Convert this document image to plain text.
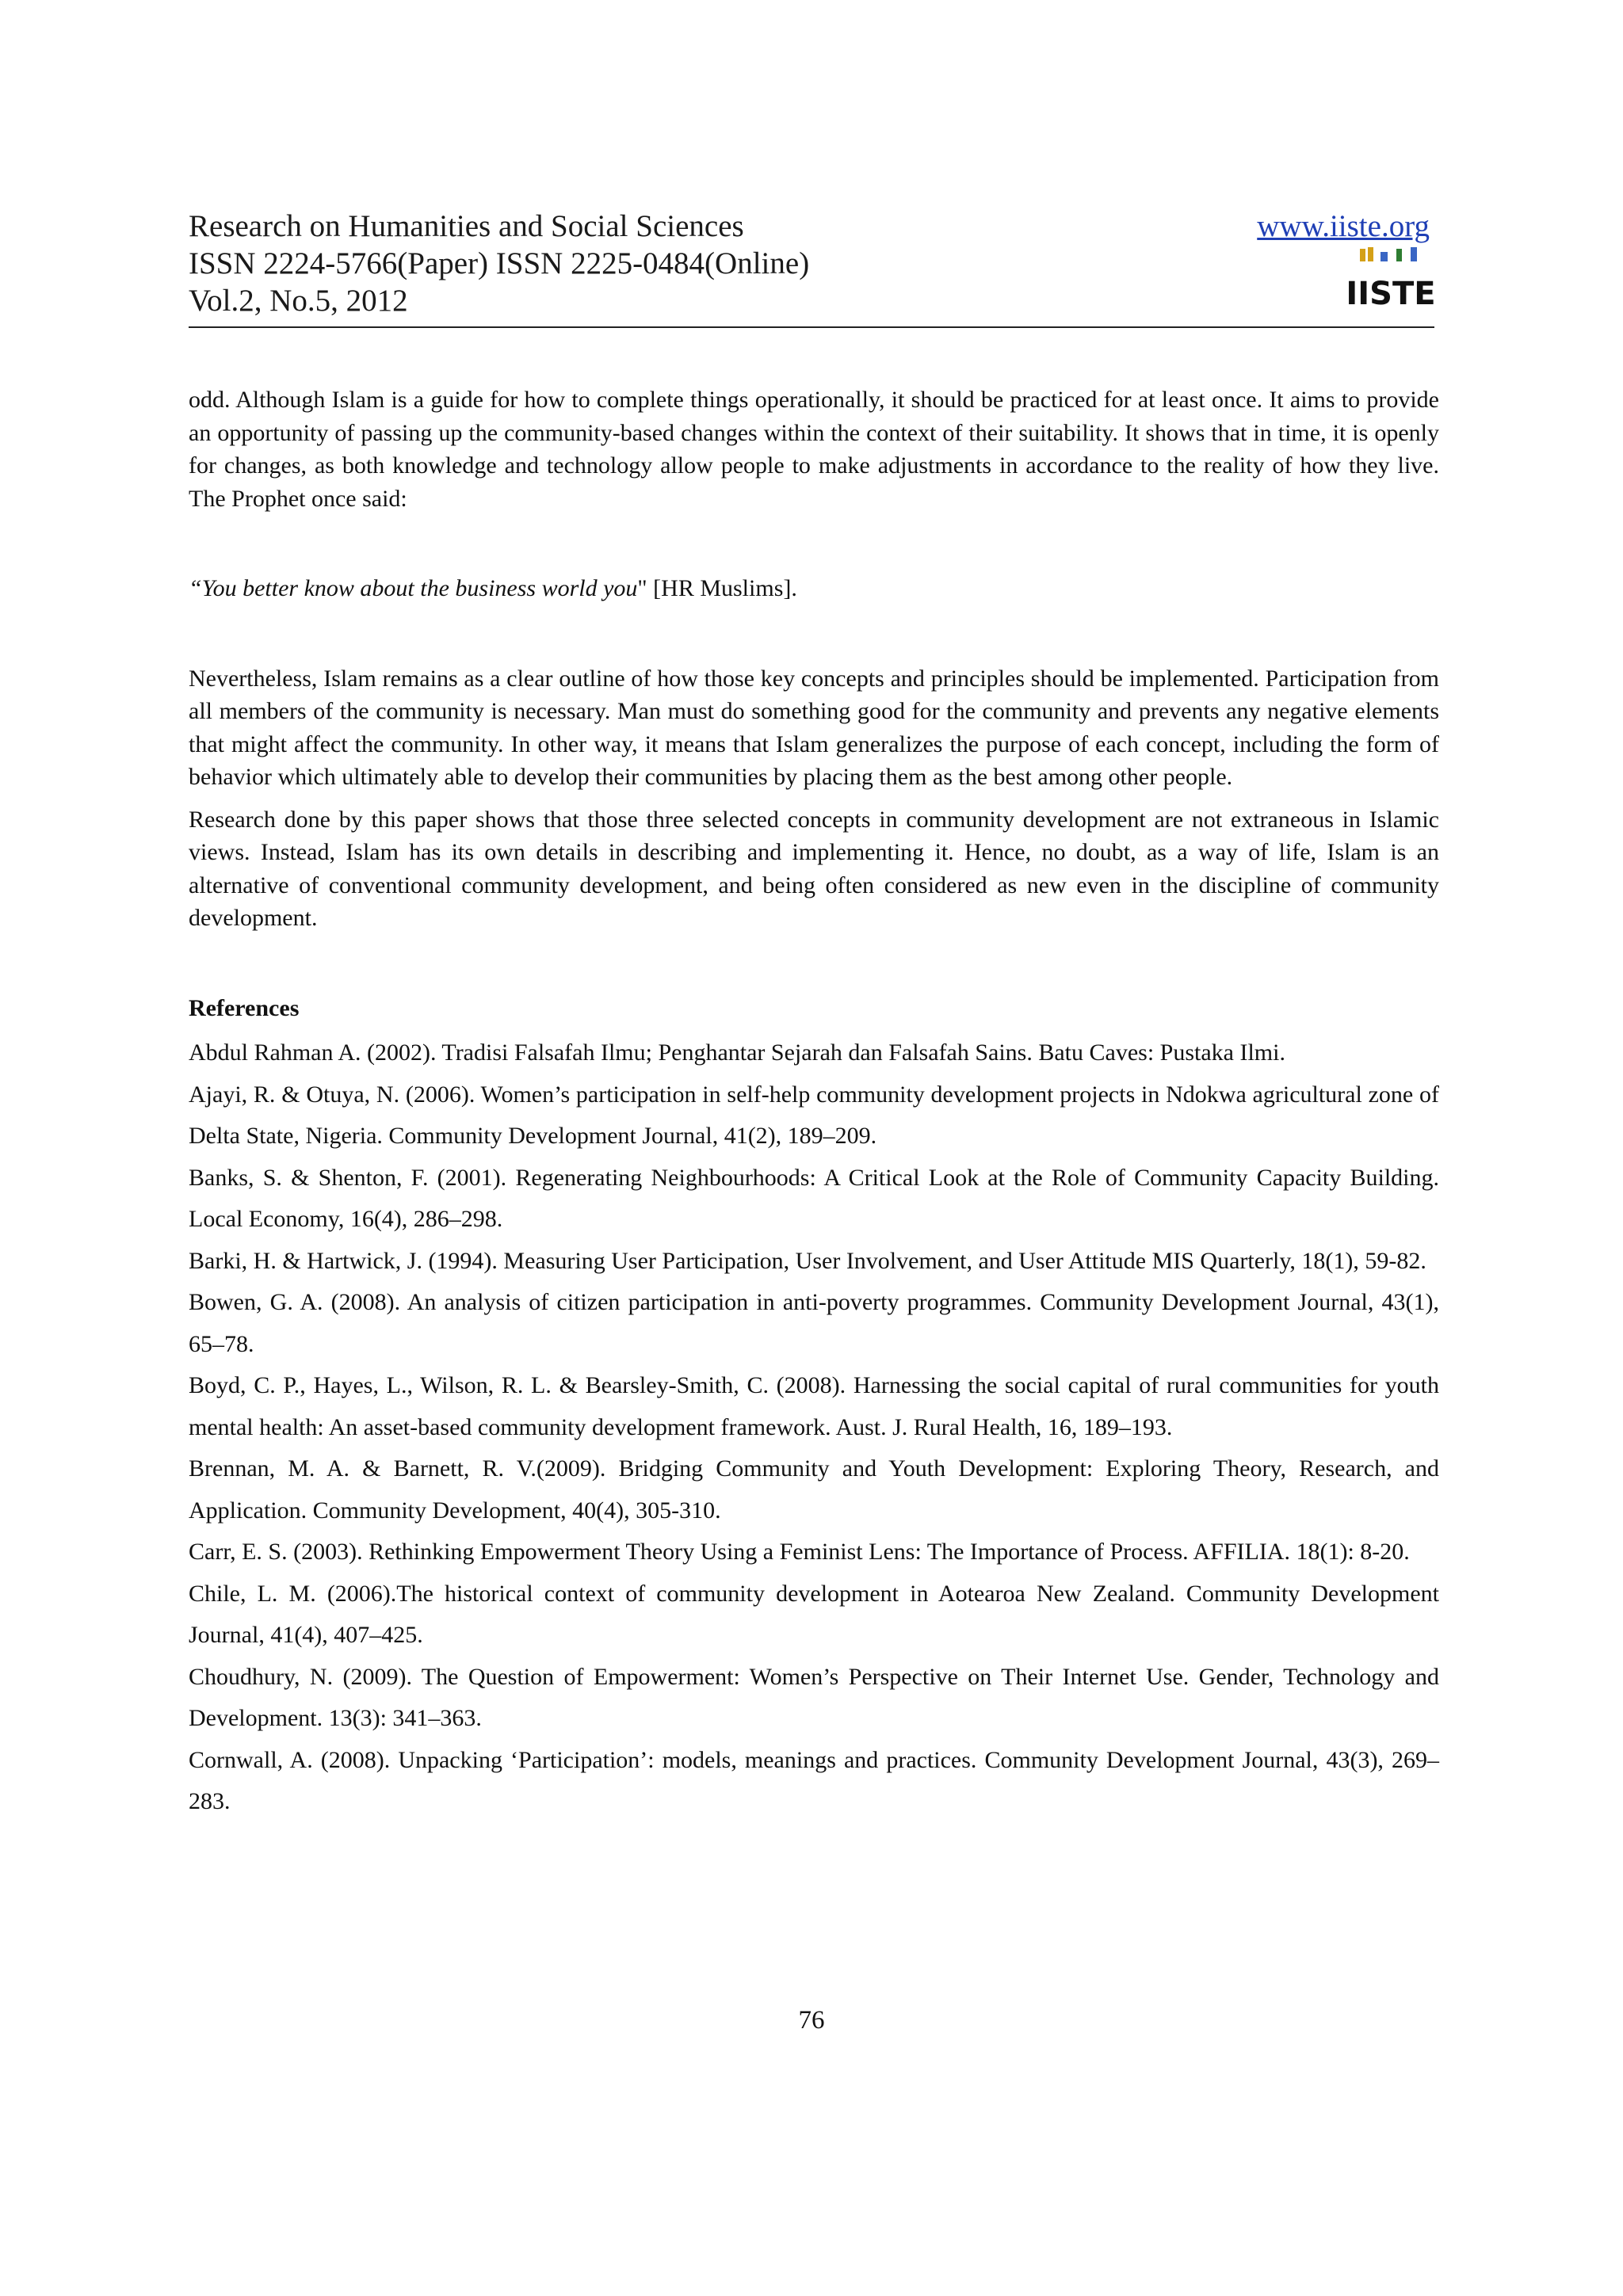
Research on Humanities and Social Sciences
ISSN 2224-5766(Paper) ISSN 2225-0484(Online)
Vol.2, No.5, 2012
www.iiste.org
IISTE

odd. Although Islam is a guide for how to complete things operationally, it should be practiced for at least once. It aims to provide an opportunity of passing up the community-based changes within the context of their suitability. It shows that in time, it is openly for changes, as both knowledge and technology allow people to make adjustments in accordance to the reality of how they live. The Prophet once said:

“You better know about the business world you" [HR Muslims].

Nevertheless, Islam remains as a clear outline of how those key concepts and principles should be implemented. Participation from all members of the community is necessary. Man must do something good for the community and prevents any negative elements that might affect the community. In other way, it means that Islam generalizes the purpose of each concept, including the form of behavior which ultimately able to develop their communities by placing them as the best among other people.

Research done by this paper shows that those three selected concepts in community development are not extraneous in Islamic views. Instead, Islam has its own details in describing and implementing it. Hence, no doubt, as a way of life, Islam is an alternative of conventional community development, and being often considered as new even in the discipline of community development.

References

Abdul Rahman A. (2002). Tradisi Falsafah Ilmu; Penghantar Sejarah dan Falsafah Sains. Batu Caves: Pustaka Ilmi.

Ajayi, R. & Otuya, N. (2006). Women’s participation in self-help community development projects in Ndokwa agricultural zone of Delta State, Nigeria. Community Development Journal, 41(2), 189–209.

Banks, S. & Shenton, F. (2001). Regenerating Neighbourhoods: A Critical Look at the Role of Community Capacity Building. Local Economy, 16(4), 286–298.

Barki, H. & Hartwick, J. (1994). Measuring User Participation, User Involvement, and User Attitude MIS Quarterly, 18(1), 59-82.

Bowen, G. A. (2008). An analysis of citizen participation in anti-poverty programmes. Community Development Journal, 43(1), 65–78.

Boyd, C. P., Hayes, L., Wilson, R. L. & Bearsley-Smith, C. (2008). Harnessing the social capital of rural communities for youth mental health: An asset-based community development framework. Aust. J. Rural Health, 16, 189–193.

Brennan, M. A. & Barnett, R. V.(2009). Bridging Community and Youth Development: Exploring Theory, Research, and Application. Community Development, 40(4), 305-310.

Carr, E. S. (2003). Rethinking Empowerment Theory Using a Feminist Lens: The Importance of Process. AFFILIA. 18(1): 8-20.

Chile, L. M. (2006).The historical context of community development in Aotearoa New Zealand. Community Development Journal, 41(4), 407–425.

Choudhury, N. (2009). The Question of Empowerment: Women’s Perspective on Their Internet Use. Gender, Technology and Development. 13(3): 341–363.

Cornwall, A. (2008). Unpacking ‘Participation’: models, meanings and practices. Community Development Journal, 43(3), 269–283.

76
